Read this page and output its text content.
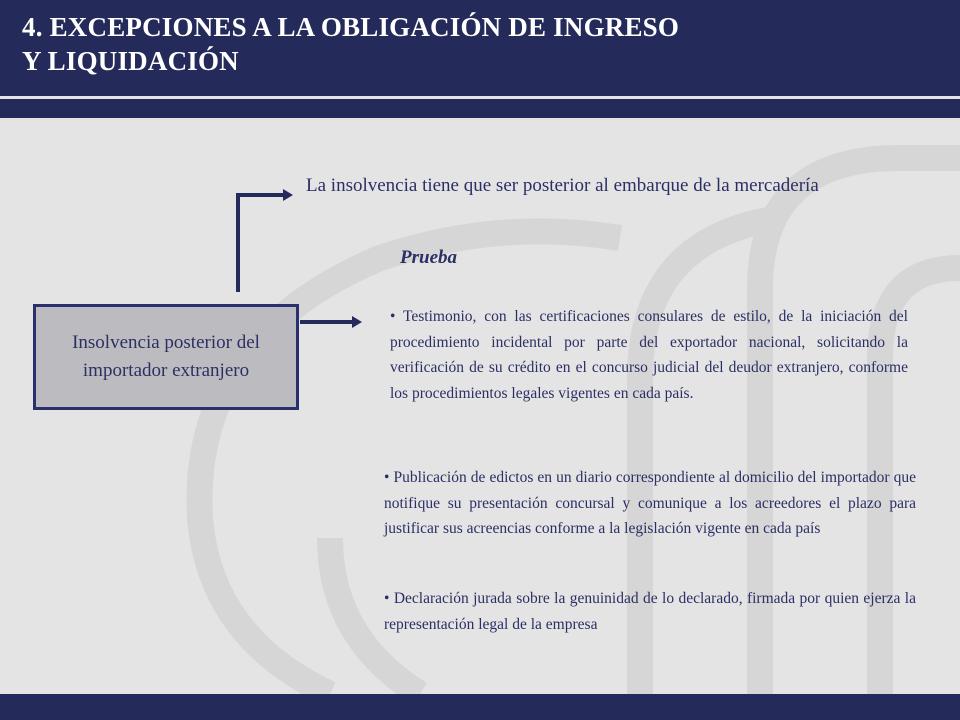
4. EXCEPCIONES A LA OBLIGACIÓN DE INGRESO
Y LIQUIDACIÓN
Insolvencia posterior del importador extranjero
La insolvencia tiene que ser posterior al embarque de la mercadería
Prueba
• Testimonio, con las certificaciones consulares de estilo, de la iniciación del procedimiento incidental por parte del exportador nacional, solicitando la verificación de su crédito en el concurso judicial del deudor extranjero, conforme los procedimientos legales vigentes en cada país.
• Publicación de edictos en un diario correspondiente al domicilio del importador que notifique su presentación concursal y comunique a los acreedores el plazo para justificar sus acreencias conforme a la legislación vigente en cada país
• Declaración jurada sobre la genuinidad de lo declarado, firmada por quien ejerza la representación legal de la empresa
